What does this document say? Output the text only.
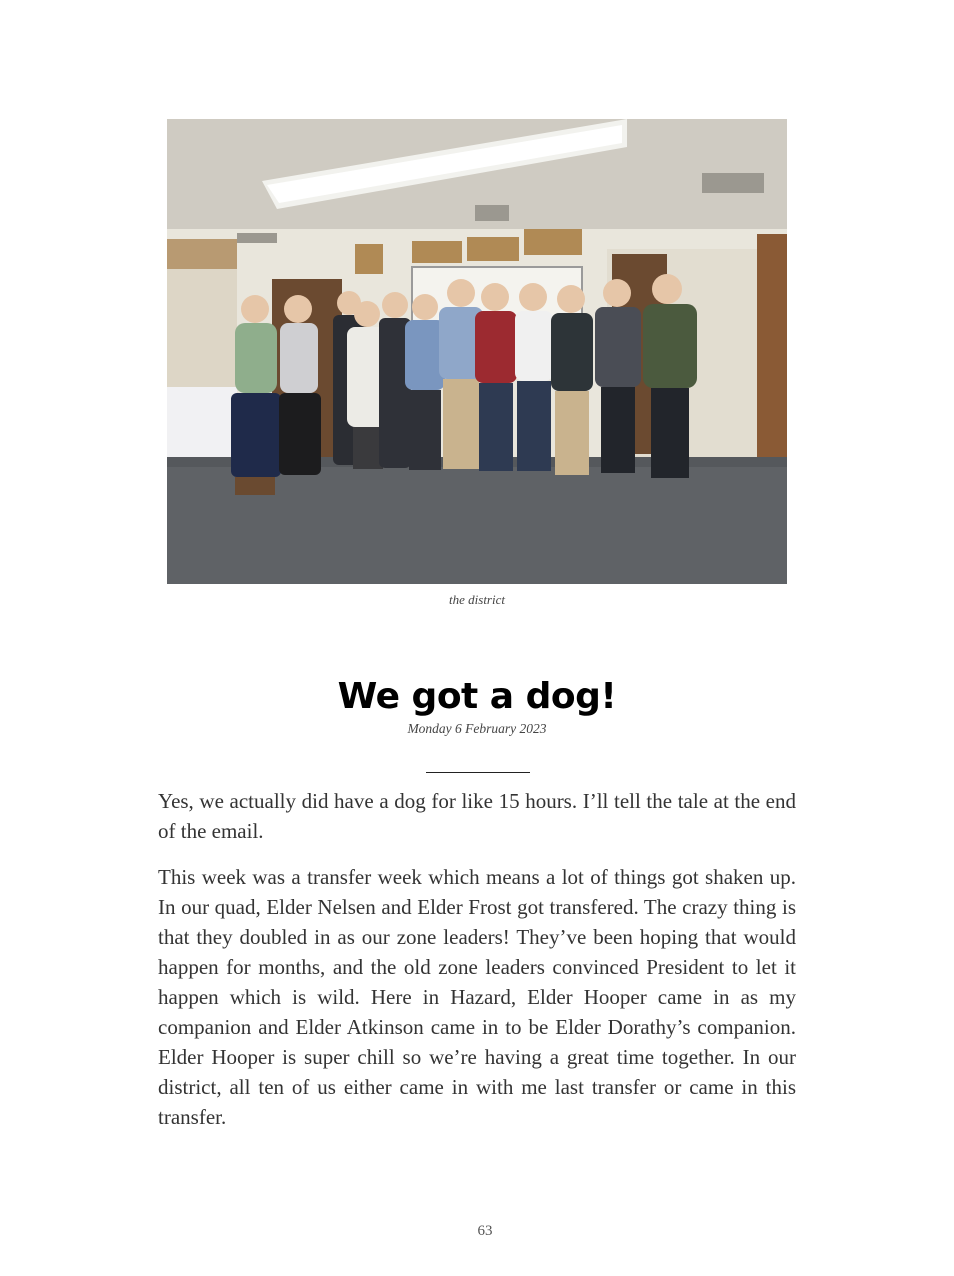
the district
We got a dog!
Monday 6 February 2023

Yes, we actually did have a dog for like 15 hours. I’ll tell the tale at the end of the email.

This week was a transfer week which means a lot of things got shaken up. In our quad, Elder Nelsen and Elder Frost got transfered. The crazy thing is that they doubled in as our zone leaders! They’ve been hoping that would happen for months, and the old zone leaders convinced President to let it happen which is wild. Here in Hazard, Elder Hooper came in as my companion and Elder Atkinson came in to be Elder Dorathy’s companion. Elder Hooper is super chill so we’re having a great time together. In our district, all ten of us either came in with me last transfer or came in this transfer.

63
